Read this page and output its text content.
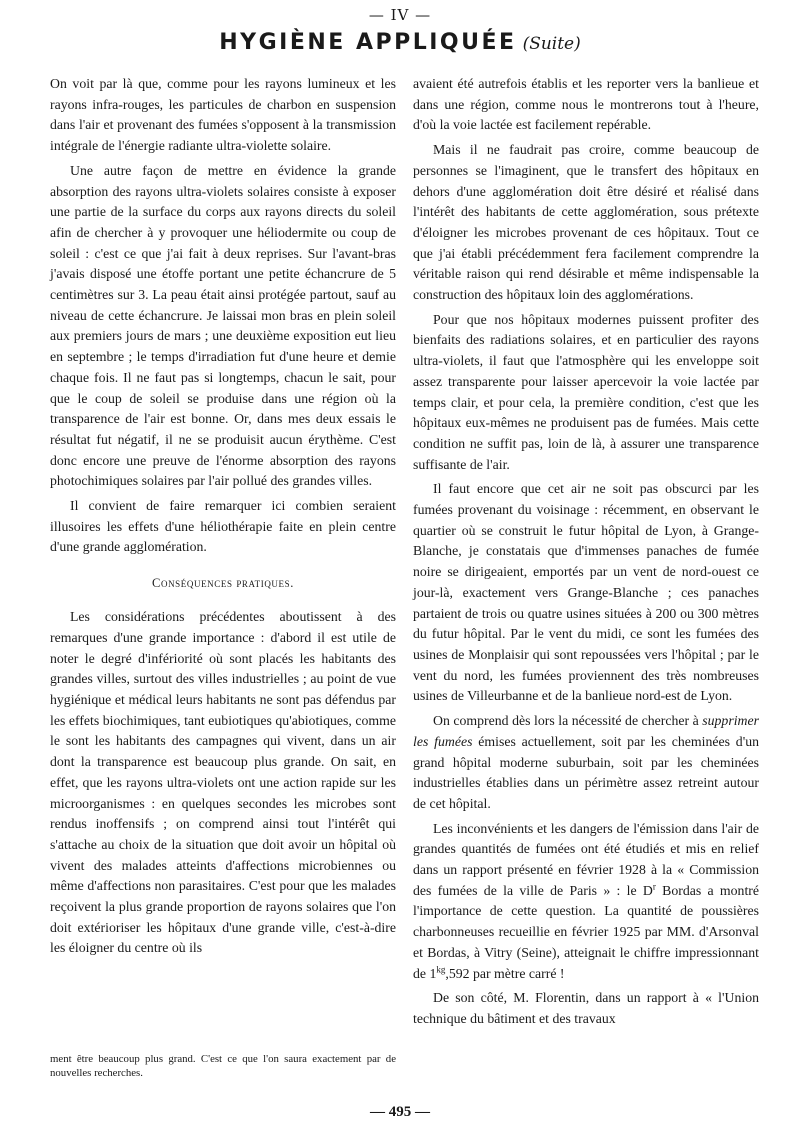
— IV —
HYGIÈNE APPLIQUÉE (Suite)

On voit par là que, comme pour les rayons lumineux et les rayons infra-rouges, les particules de charbon en suspension dans l'air et provenant des fumées s'opposent à la transmission intégrale de l'énergie radiante ultra-violette solaire.

Une autre façon de mettre en évidence la grande absorption des rayons ultra-violets solaires consiste à exposer une partie de la surface du corps aux rayons directs du soleil afin de chercher à y provoquer une héliodermite ou coup de soleil : c'est ce que j'ai fait à deux reprises. Sur l'avant-bras j'avais disposé une étoffe portant une petite échancrure de 5 centimètres sur 3. La peau était ainsi protégée partout, sauf au niveau de cette échancrure. Je laissai mon bras en plein soleil aux premiers jours de mars ; une deuxième exposition eut lieu en septembre ; le temps d'irradiation fut d'une heure et demie chaque fois. Il ne faut pas si longtemps, chacun le sait, pour que le coup de soleil se produise dans une région où la transparence de l'air est bonne. Or, dans mes deux essais le résultat fut négatif, il ne se produisit aucun érythème. C'est donc encore une preuve de l'énorme absorption des rayons photochimiques solaires par l'air pollué des grandes villes.

Il convient de faire remarquer ici combien seraient illusoires les effets d'une héliothérapie faite en plein centre d'une grande agglomération.

Conséquences pratiques.

Les considérations précédentes aboutissent à des remarques d'une grande importance : d'abord il est utile de noter le degré d'infériorité où sont placés les habitants des grandes villes, surtout des villes industrielles ; au point de vue hygiénique et médical leurs habitants ne sont pas défendus par les effets biochimiques, tant eubiotiques qu'abiotiques, comme le sont les habitants des campagnes qui vivent, dans un air dont la transparence est beaucoup plus grande. On sait, en effet, que les rayons ultra-violets ont une action rapide sur les microorganismes : en quelques secondes les microbes sont rendus inoffensifs ; on comprend ainsi tout l'intérêt qui s'attache au choix de la situation que doit avoir un hôpital où vivent des malades atteints d'affections microbiennes ou même d'affections non parasitaires. C'est pour que les malades reçoivent la plus grande proportion de rayons solaires que l'on doit extérioriser les hôpitaux d'une grande ville, c'est-à-dire les éloigner du centre où ils

avaient été autrefois établis et les reporter vers la banlieue et dans une région, comme nous le montrerons tout à l'heure, d'où la voie lactée est facilement repérable.

Mais il ne faudrait pas croire, comme beaucoup de personnes se l'imaginent, que le transfert des hôpitaux en dehors d'une agglomération doit être désiré et réalisé dans l'intérêt des habitants de cette agglomération, sous prétexte d'éloigner les microbes provenant de ces hôpitaux. Tout ce que j'ai établi précédemment fera facilement comprendre la véritable raison qui rend désirable et même indispensable la construction des hôpitaux loin des agglomérations.

Pour que nos hôpitaux modernes puissent profiter des bienfaits des radiations solaires, et en particulier des rayons ultra-violets, il faut que l'atmosphère qui les enveloppe soit assez transparente pour laisser apercevoir la voie lactée par temps clair, et pour cela, la première condition, c'est que les hôpitaux eux-mêmes ne produisent pas de fumées. Mais cette condition ne suffit pas, loin de là, à assurer une transparence suffisante de l'air.

Il faut encore que cet air ne soit pas obscurci par les fumées provenant du voisinage : récemment, en observant le quartier où se construit le futur hôpital de Lyon, à Grange-Blanche, je constatais que d'immenses panaches de fumée noire se dirigeaient, emportés par un vent de nord-ouest ce jour-là, exactement vers Grange-Blanche ; ces panaches partaient de trois ou quatre usines situées à 200 ou 300 mètres du futur hôpital. Par le vent du midi, ce sont les fumées des usines de Monplaisir qui sont repoussées vers l'hôpital ; par le vent du nord, les fumées proviennent des très nombreuses usines de Villeurbanne et de la banlieue nord-est de Lyon.

On comprend dès lors la nécessité de chercher à supprimer les fumées émises actuellement, soit par les cheminées d'un grand hôpital moderne suburbain, soit par les cheminées industrielles établies dans un périmètre assez retreint autour de cet hôpital.

Les inconvénients et les dangers de l'émission dans l'air de grandes quantités de fumées ont été étudiés et mis en relief dans un rapport présenté en février 1928 à la « Commission des fumées de la ville de Paris » : le $D^r$ Bordas a montré l'importance de cette question. La quantité de poussières charbonneuses recueillie en février 1925 par MM. d'Arsonval et Bordas, à Vitry (Seine), atteignait le chiffre impressionnant de $1^{kg},592$ par mètre carré !

De son côté, M. Florentin, dans un rapport à « l'Union technique du bâtiment et des travaux

ment être beaucoup plus grand. C'est ce que l'on saura exactement par de nouvelles recherches.
— 495 —
